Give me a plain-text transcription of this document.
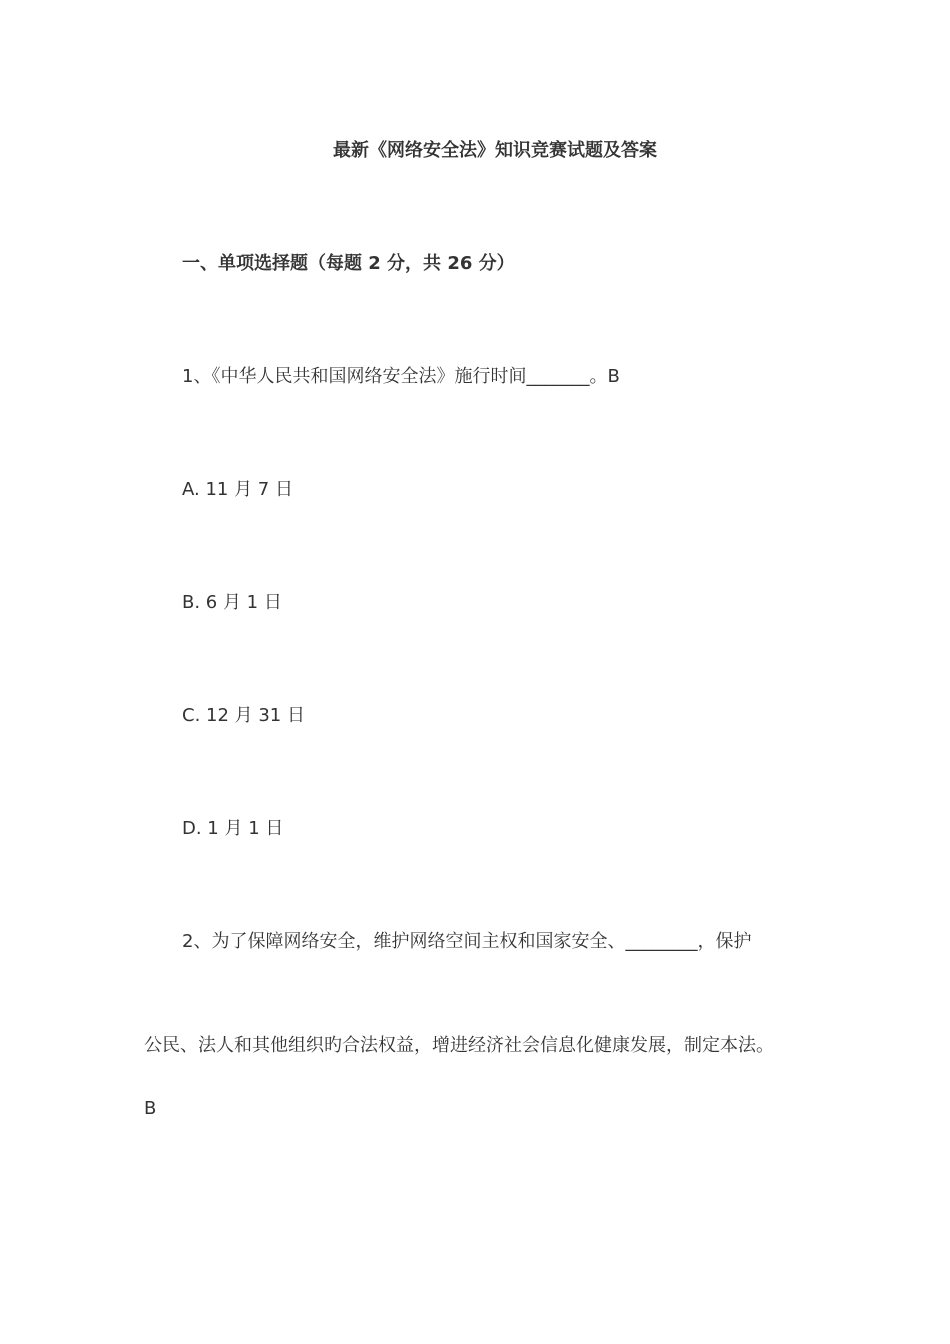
最新《网络安全法》知识竞赛试题及答案
一、单项选择题（每题 2 分，共 26 分）
1、《中华人民共和国网络安全法》施行时间_______。B
A. 11 月 7 日
B. 6 月 1 日
C. 12 月 31 日
D. 1 月 1 日
2、为了保障网络安全，维护网络空间主权和国家安全、________，保护
公民、法人和其他组织旳合法权益，增进经济社会信息化健康发展，制定本法。
B
